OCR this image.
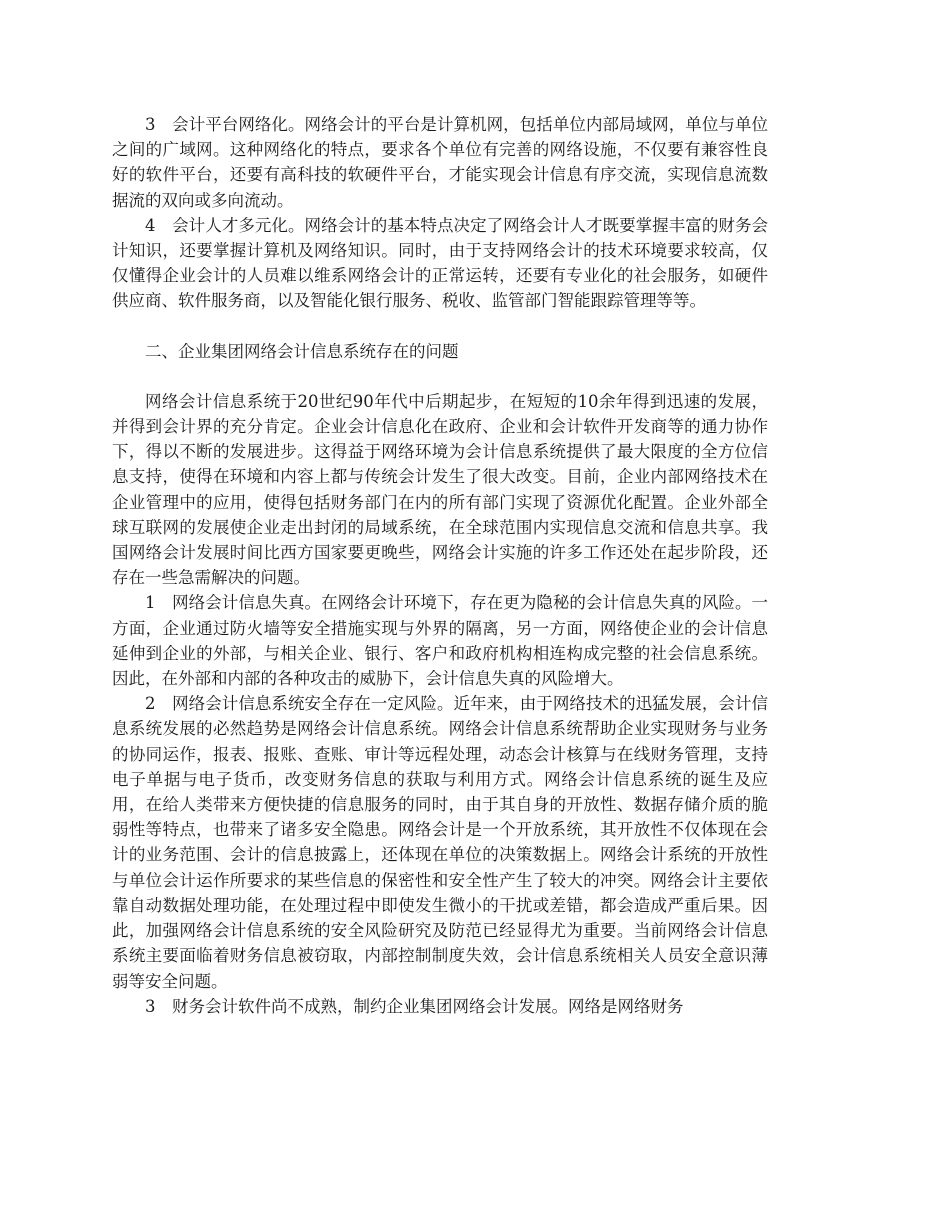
3　会计平台网络化。网络会计的平台是计算机网，包括单位内部局域网，单位与单位之间的广域网。这种网络化的特点，要求各个单位有完善的网络设施，不仅要有兼容性良好的软件平台，还要有高科技的软硬件平台，才能实现会计信息有序交流，实现信息流数据流的双向或多向流动。

4　会计人才多元化。网络会计的基本特点决定了网络会计人才既要掌握丰富的财务会计知识，还要掌握计算机及网络知识。同时，由于支持网络会计的技术环境要求较高，仅仅懂得企业会计的人员难以维系网络会计的正常运转，还要有专业化的社会服务，如硬件供应商、软件服务商，以及智能化银行服务、税收、监管部门智能跟踪管理等等。

二、企业集团网络会计信息系统存在的问题

网络会计信息系统于20世纪90年代中后期起步，在短短的10余年得到迅速的发展，并得到会计界的充分肯定。企业会计信息化在政府、企业和会计软件开发商等的通力协作下，得以不断的发展进步。这得益于网络环境为会计信息系统提供了最大限度的全方位信息支持，使得在环境和内容上都与传统会计发生了很大改变。目前，企业内部网络技术在企业管理中的应用，使得包括财务部门在内的所有部门实现了资源优化配置。企业外部全球互联网的发展使企业走出封闭的局域系统，在全球范围内实现信息交流和信息共享。我国网络会计发展时间比西方国家要更晚些，网络会计实施的许多工作还处在起步阶段，还存在一些急需解决的问题。

1　网络会计信息失真。在网络会计环境下，存在更为隐秘的会计信息失真的风险。一方面，企业通过防火墙等安全措施实现与外界的隔离，另一方面，网络使企业的会计信息延伸到企业的外部，与相关企业、银行、客户和政府机构相连构成完整的社会信息系统。因此，在外部和内部的各种攻击的威胁下，会计信息失真的风险增大。

2　网络会计信息系统安全存在一定风险。近年来，由于网络技术的迅猛发展，会计信息系统发展的必然趋势是网络会计信息系统。网络会计信息系统帮助企业实现财务与业务的协同运作，报表、报账、查账、审计等远程处理，动态会计核算与在线财务管理，支持电子单据与电子货币，改变财务信息的获取与利用方式。网络会计信息系统的诞生及应用，在给人类带来方便快捷的信息服务的同时，由于其自身的开放性、数据存储介质的脆弱性等特点，也带来了诸多安全隐患。网络会计是一个开放系统，其开放性不仅体现在会计的业务范围、会计的信息披露上，还体现在单位的决策数据上。网络会计系统的开放性与单位会计运作所要求的某些信息的保密性和安全性产生了较大的冲突。网络会计主要依靠自动数据处理功能，在处理过程中即使发生微小的干扰或差错，都会造成严重后果。因此，加强网络会计信息系统的安全风险研究及防范已经显得尤为重要。当前网络会计信息系统主要面临着财务信息被窃取，内部控制制度失效，会计信息系统相关人员安全意识薄弱等安全问题。

3　财务会计软件尚不成熟，制约企业集团网络会计发展。网络是网络财务
